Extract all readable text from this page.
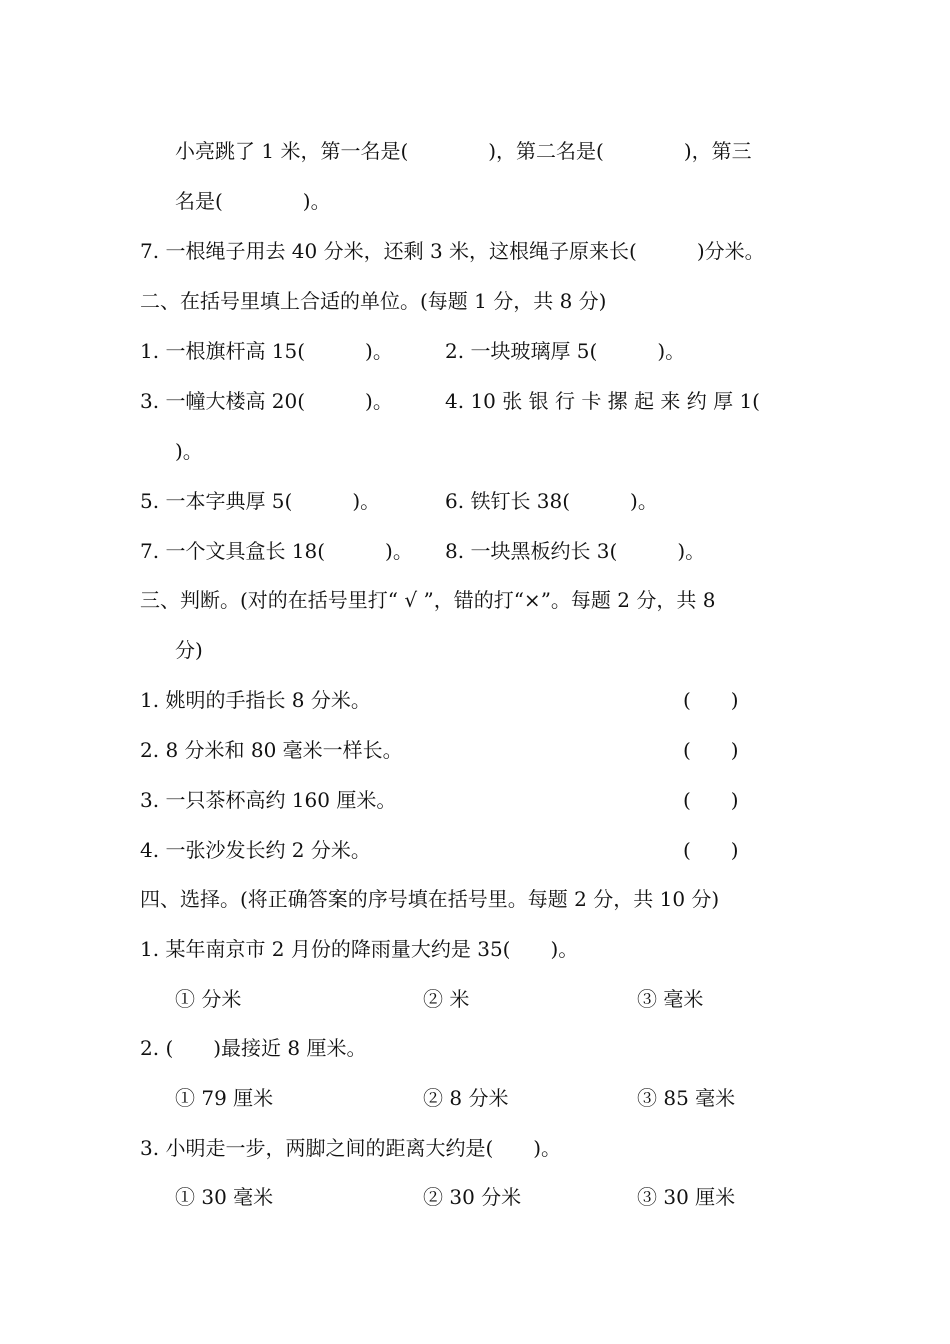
小亮跳了 1 米，第一名是(　　　　)，第二名是(　　　　)，第三
名是(　　　　)。
7. 一根绳子用去 40 分米，还剩 3 米，这根绳子原来长(　　　)分米。
二、在括号里填上合适的单位。(每题 1 分，共 8 分)
1. 一根旗杆高 15(　　　)。	2. 一块玻璃厚 5(　　　)。
3. 一幢大楼高 20(　　　)。	4. 10 张 银 行 卡 摞 起 来 约 厚 1(
)。
5. 一本字典厚 5(　　　)。	6. 铁钉长 38(　　　)。
7. 一个文具盒长 18(　　　)。 8. 一块黑板约长 3(　　　)。
三、判断。(对的在括号里打“ √ ”，错的打“×”。每题 2 分，共 8
分)
1. 姚明的手指长 8 分米。	(　　)
2. 8 分米和 80 毫米一样长。	(　　)
3. 一只茶杯高约 160 厘米。	(　　)
4. 一张沙发长约 2 分米。	(　　)
四、选择。(将正确答案的序号填在括号里。每题 2 分，共 10 分)
1. 某年南京市 2 月份的降雨量大约是 35(　　)。
① 分米	② 米	③ 毫米
2. (　　)最接近 8 厘米。
① 79 厘米	② 8 分米	③ 85 毫米
3. 小明走一步，两脚之间的距离大约是(　　)。
① 30 毫米	② 30 分米	③ 30 厘米
